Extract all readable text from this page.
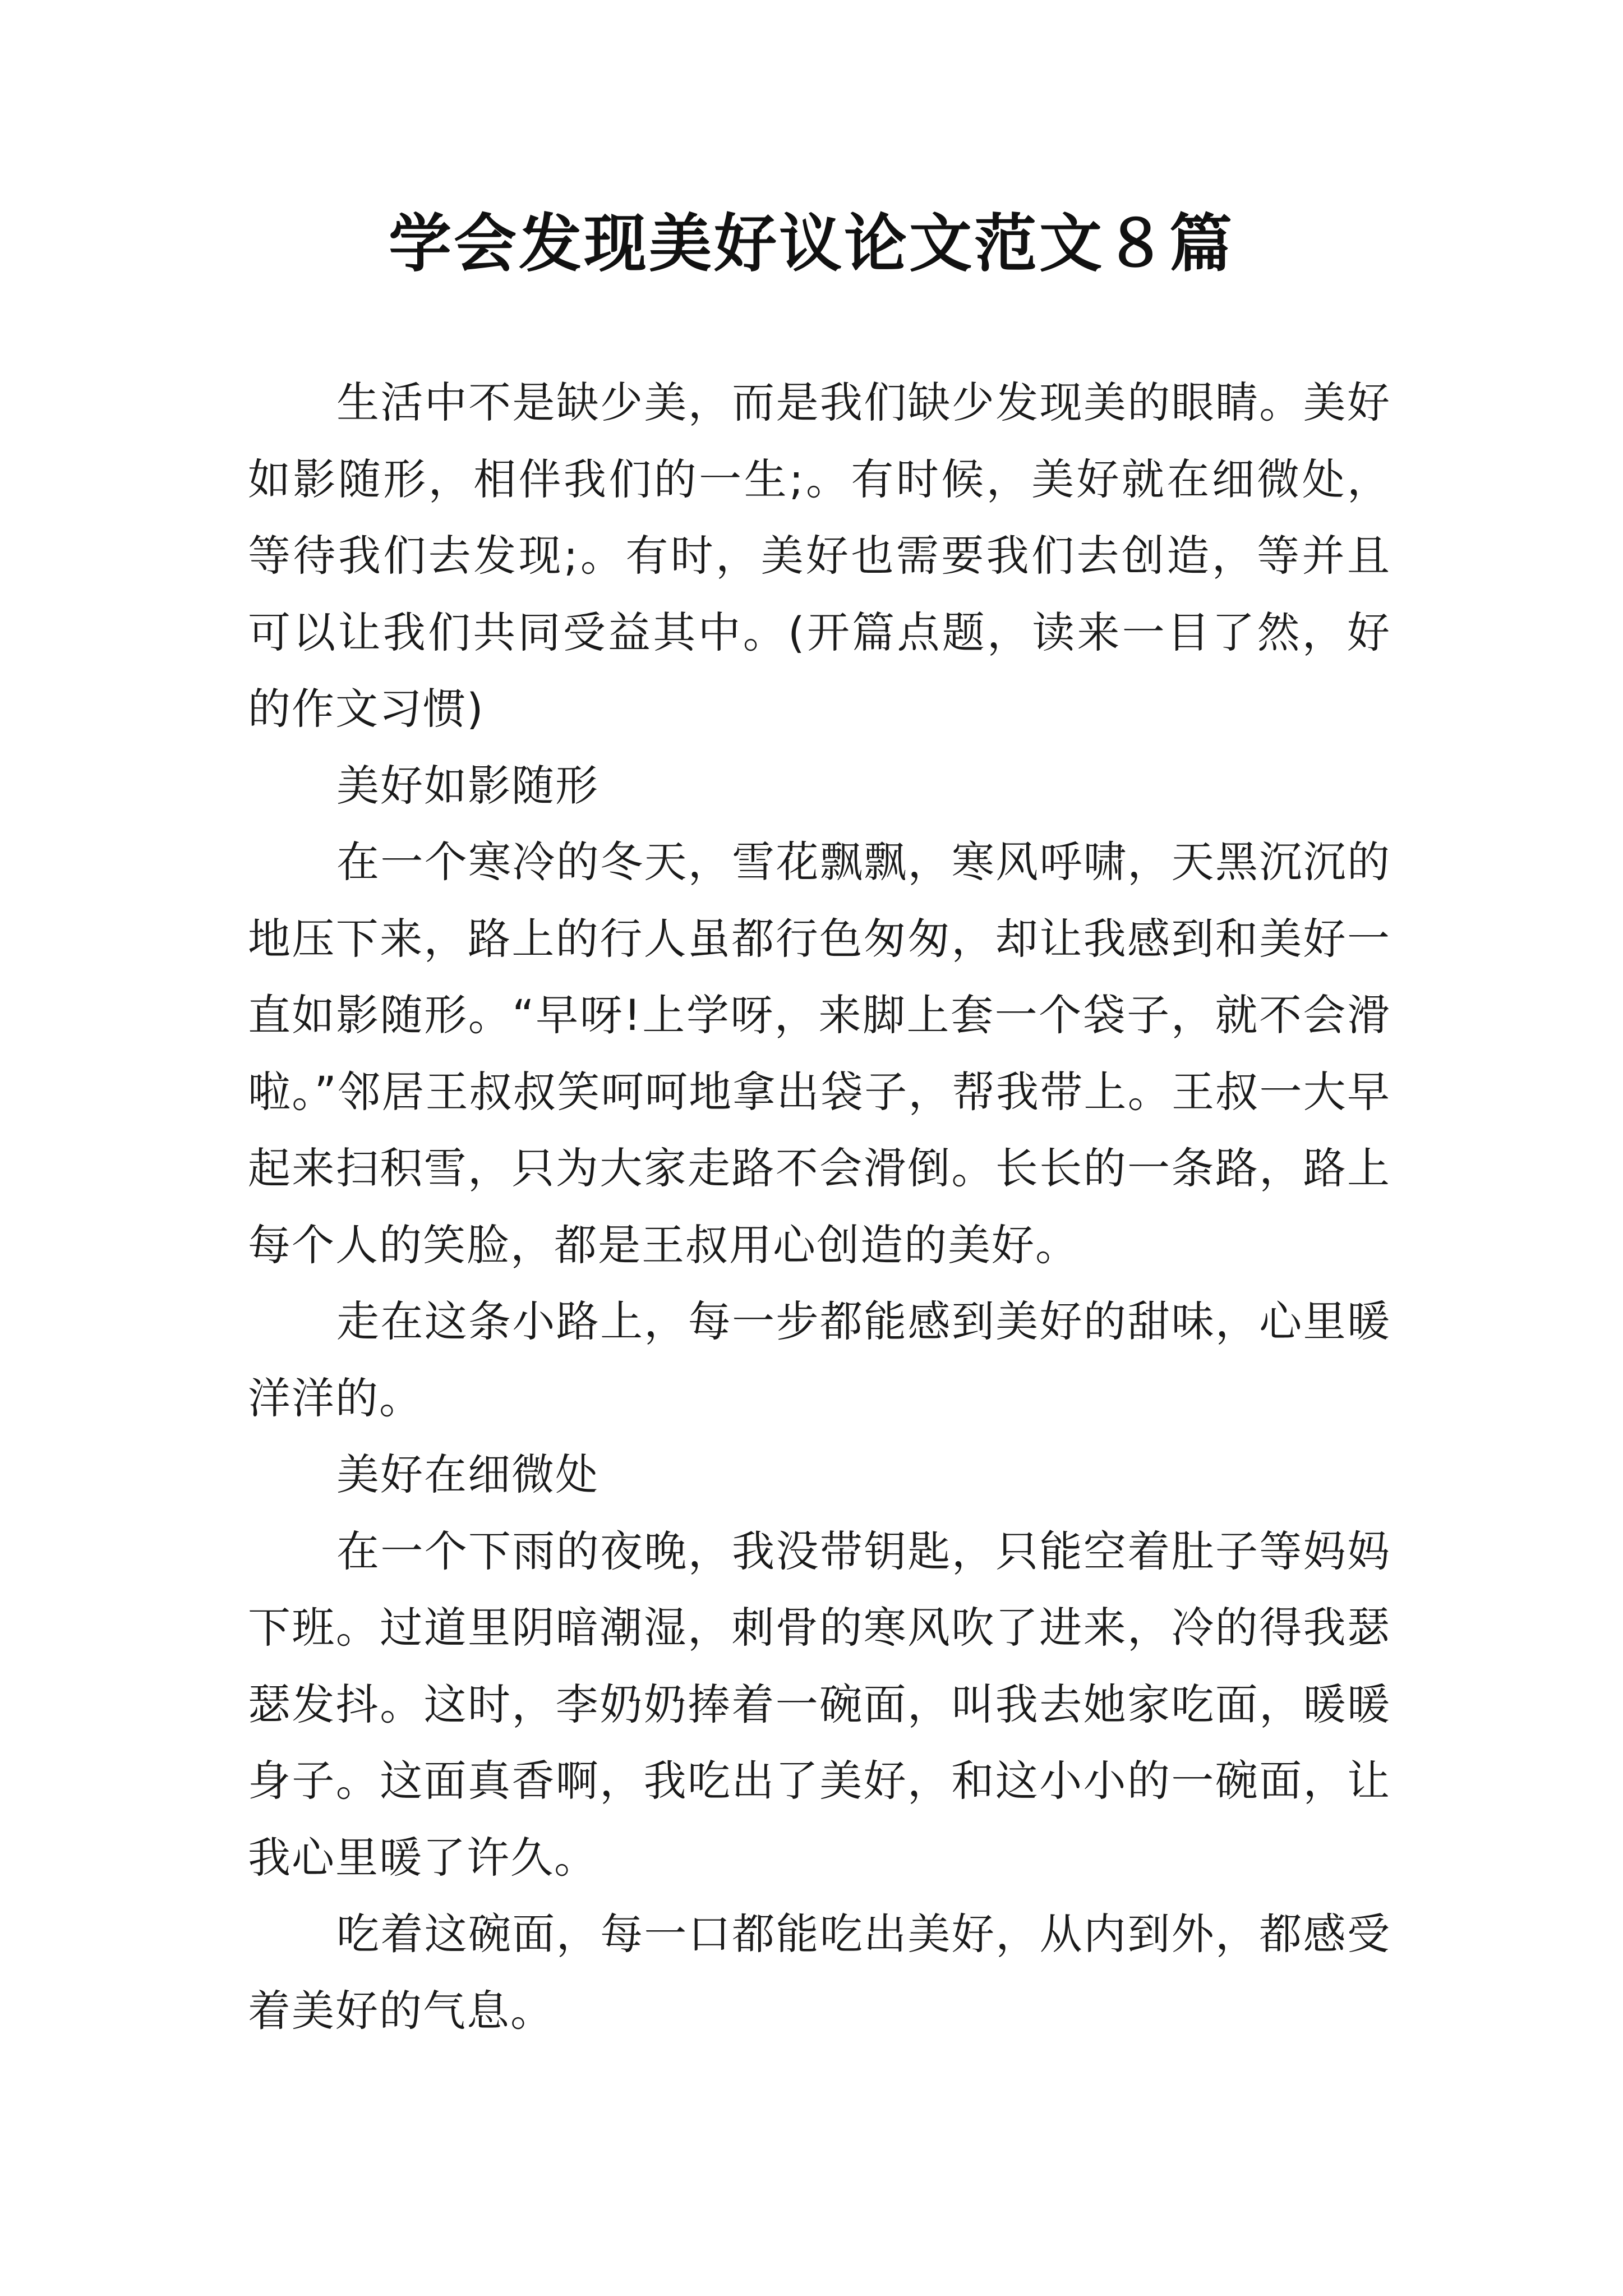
学会发现美好议论文范文８篇

生活中不是缺少美，而是我们缺少发现美的眼睛。美好如影随形，相伴我们的一生;。有时候，美好就在细微处，等待我们去发现;。有时，美好也需要我们去创造，等并且可以让我们共同受益其中。(开篇点题，读来一目了然，好的作文习惯)

美好如影随形

在一个寒冷的冬天，雪花飘飘，寒风呼啸，天黑沉沉的地压下来，路上的行人虽都行色匆匆，却让我感到和美好一直如影随形。“早呀!上学呀，来脚上套一个袋子，就不会滑啦。”邻居王叔叔笑呵呵地拿出袋子，帮我带上。王叔一大早起来扫积雪，只为大家走路不会滑倒。长长的一条路，路上每个人的笑脸，都是王叔用心创造的美好。

走在这条小路上，每一步都能感到美好的甜味，心里暖洋洋的。

美好在细微处

在一个下雨的夜晚，我没带钥匙，只能空着肚子等妈妈下班。过道里阴暗潮湿，刺骨的寒风吹了进来，冷的得我瑟瑟发抖。这时，李奶奶捧着一碗面，叫我去她家吃面，暖暖身子。这面真香啊，我吃出了美好，和这小小的一碗面，让我心里暖了许久。

吃着这碗面，每一口都能吃出美好，从内到外，都感受着美好的气息。
